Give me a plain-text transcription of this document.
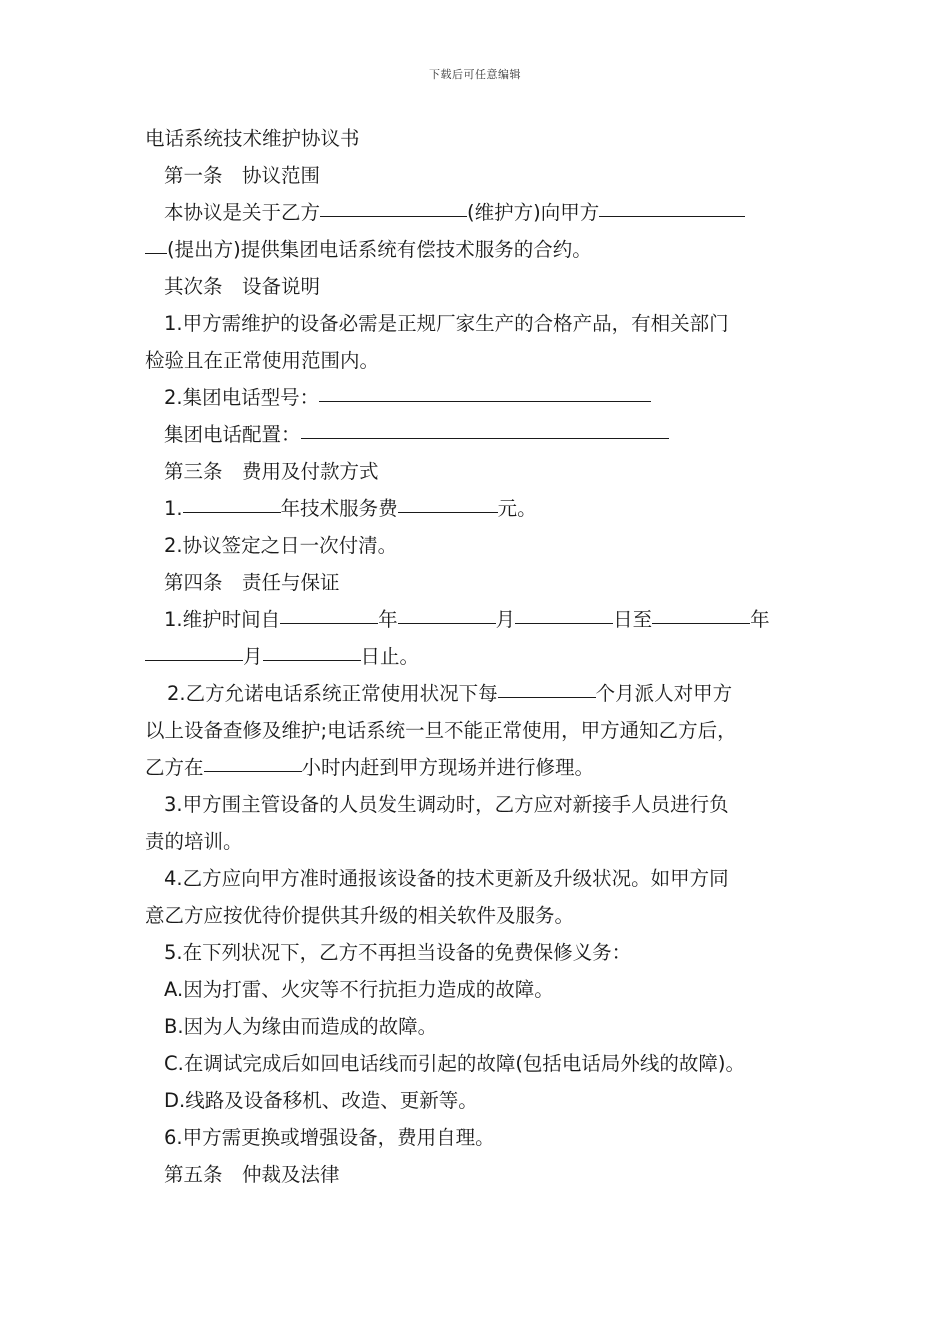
下载后可任意编辑
电话系统技术维护协议书
第一条　协议范围
本协议是关于乙方	(维护方)向甲方
(提出方)提供集团电话系统有偿技术服务的合约。
其次条　设备说明
1.甲方需维护的设备必需是正规厂家生产的合格产品，有相关部门
检验且在正常使用范围内。
2.集团电话型号：
集团电话配置：
第三条　费用及付款方式
1.	年技术服务费	元。
2.协议签定之日一次付清。
第四条　责任与保证
1.维护时间自	年	月	日至	年
月	日止。
2.乙方允诺电话系统正常使用状况下每	个月派人对甲方
以上设备查修及维护;电话系统一旦不能正常使用，甲方通知乙方后，
乙方在	小时内赶到甲方现场并进行修理。
3.甲方围主管设备的人员发生调动时，乙方应对新接手人员进行负
责的培训。
4.乙方应向甲方准时通报该设备的技术更新及升级状况。如甲方同
意乙方应按优待价提供其升级的相关软件及服务。
5.在下列状况下，乙方不再担当设备的免费保修义务：
A.因为打雷、火灾等不行抗拒力造成的故障。
B.因为人为缘由而造成的故障。
C.在调试完成后如回电话线而引起的故障(包括电话局外线的故障)。
D.线路及设备移机、改造、更新等。
6.甲方需更换或增强设备，费用自理。
第五条　仲裁及法律
